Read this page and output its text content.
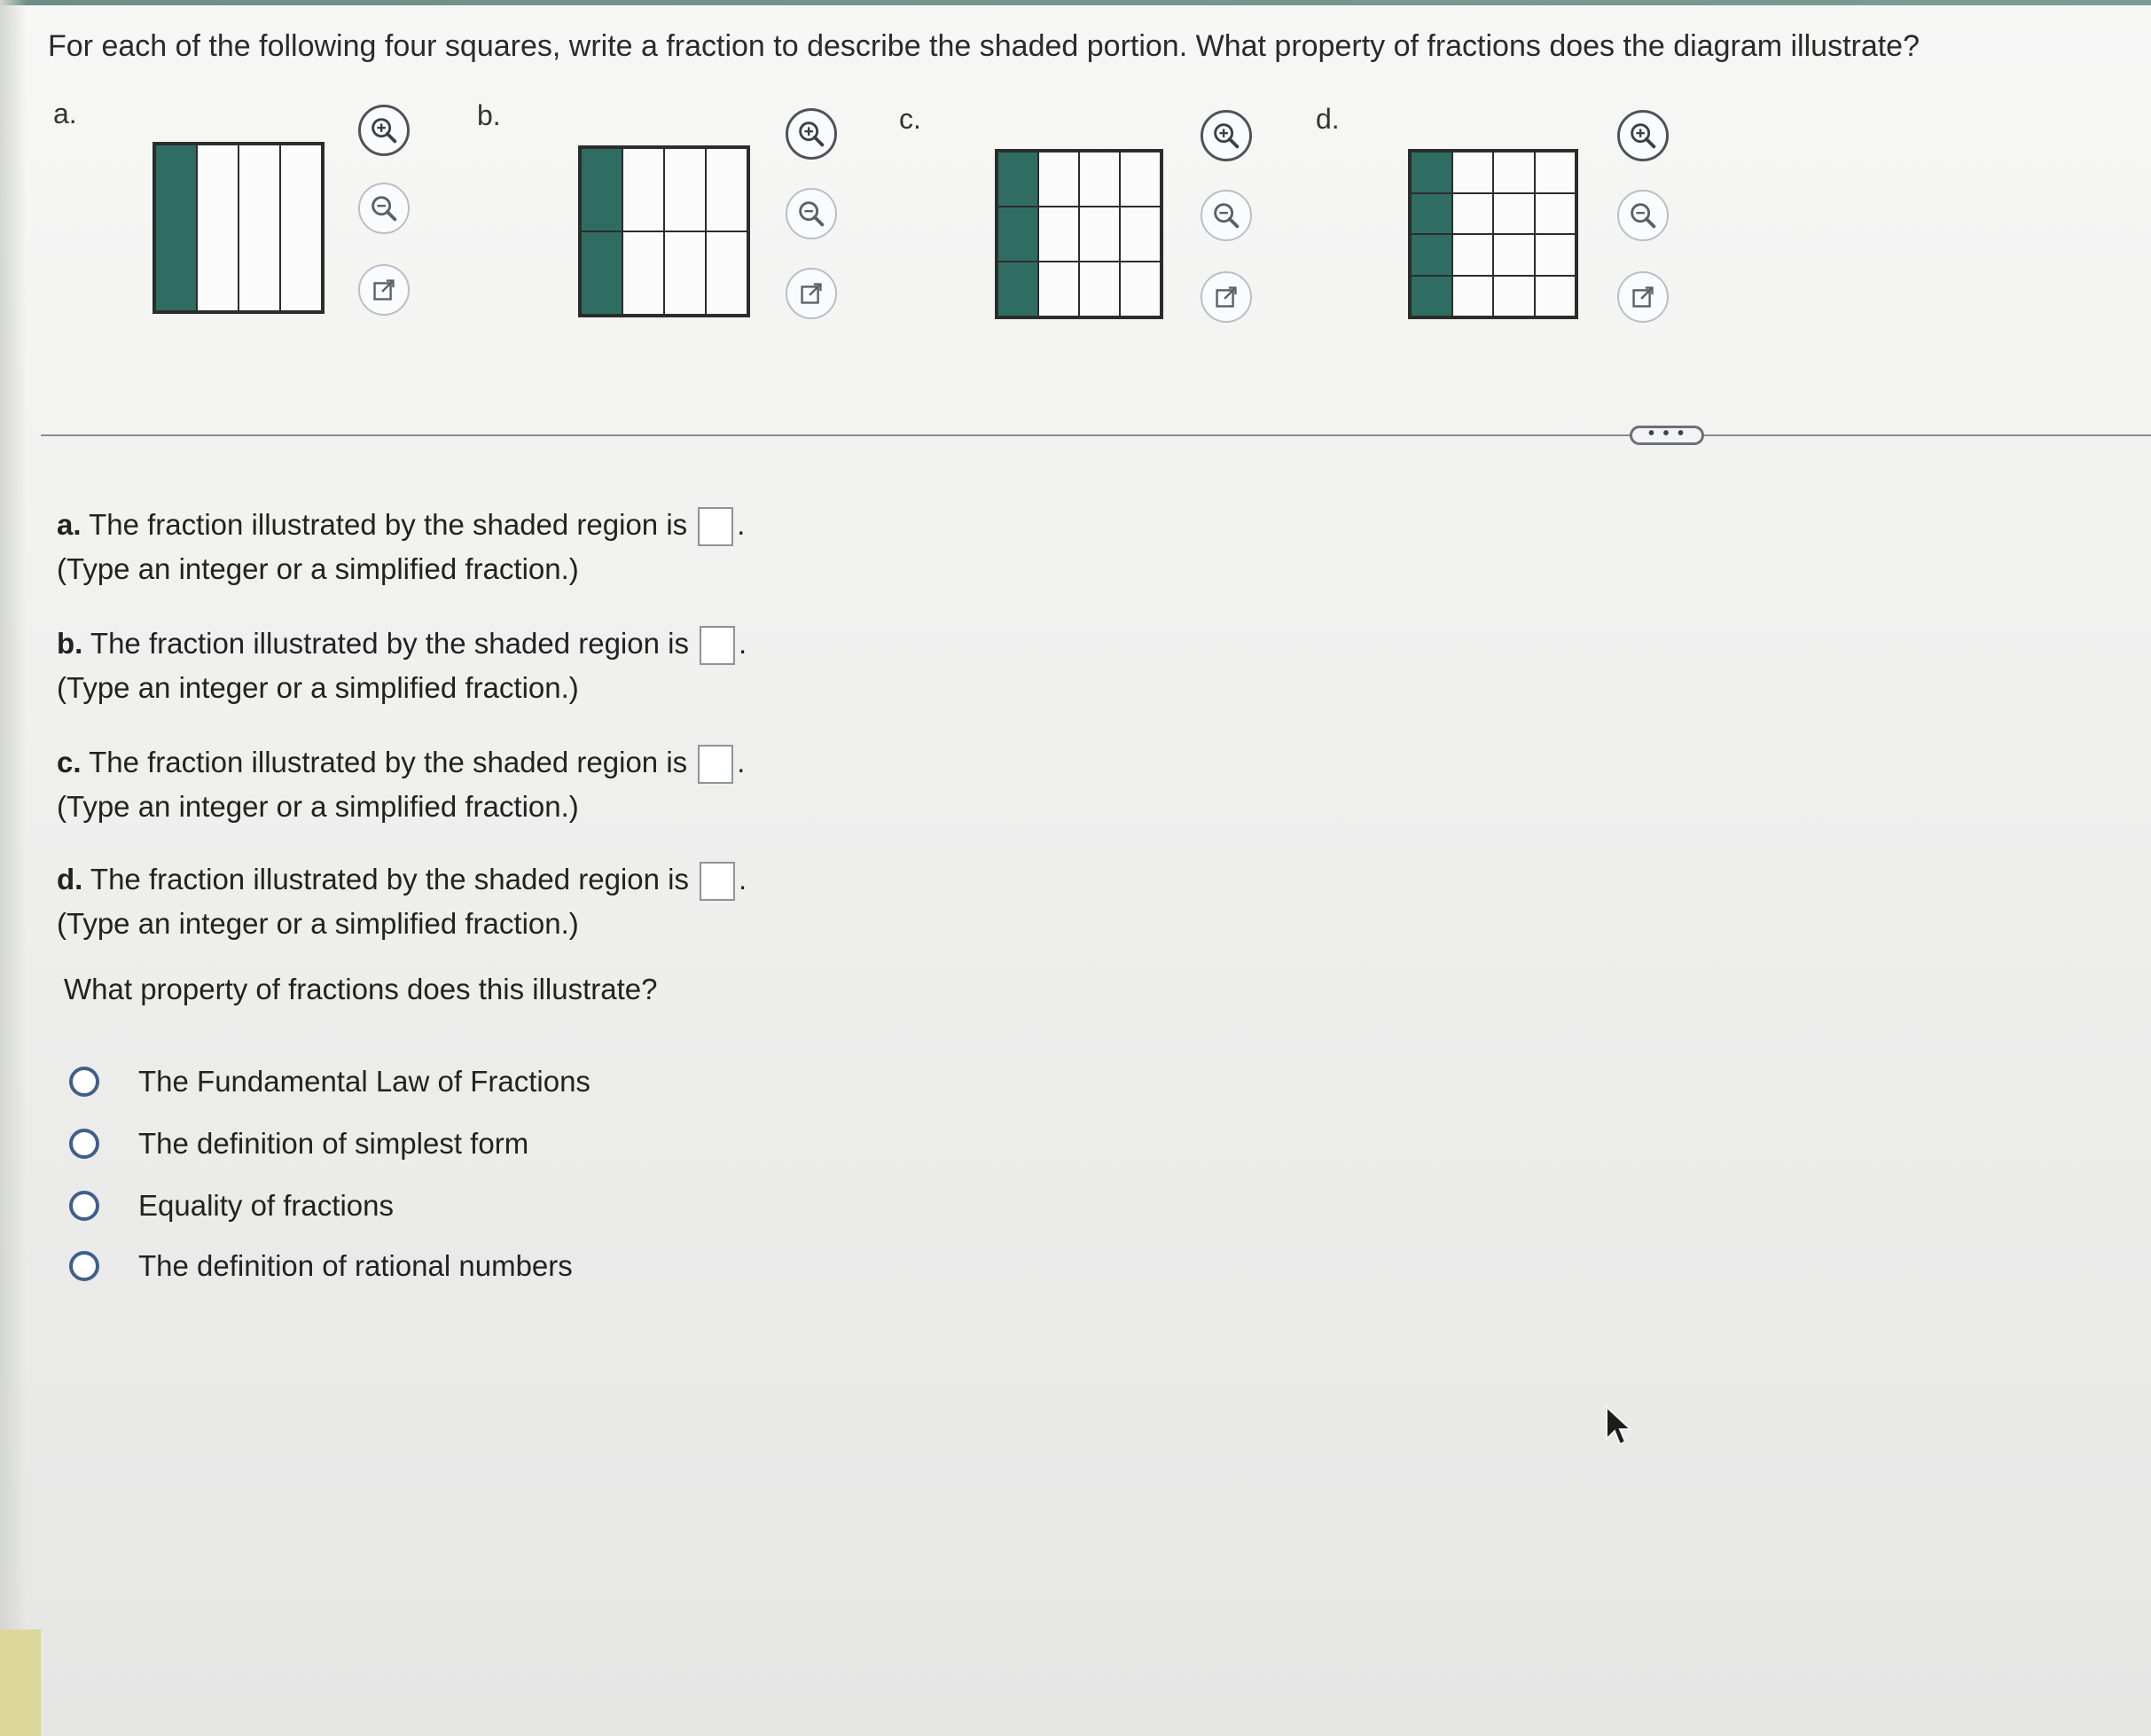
For each of the following four squares, write a fraction to describe the shaded portion. What property of fractions does the diagram illustrate?
a.	b.	c.	d.
• • •
a. The fraction illustrated by the shaded region is .
(Type an integer or a simplified fraction.)
b. The fraction illustrated by the shaded region is .
(Type an integer or a simplified fraction.)
c. The fraction illustrated by the shaded region is .
(Type an integer or a simplified fraction.)
d. The fraction illustrated by the shaded region is .
(Type an integer or a simplified fraction.)
What property of fractions does this illustrate?
The Fundamental Law of Fractions
The definition of simplest form
Equality of fractions
The definition of rational numbers
